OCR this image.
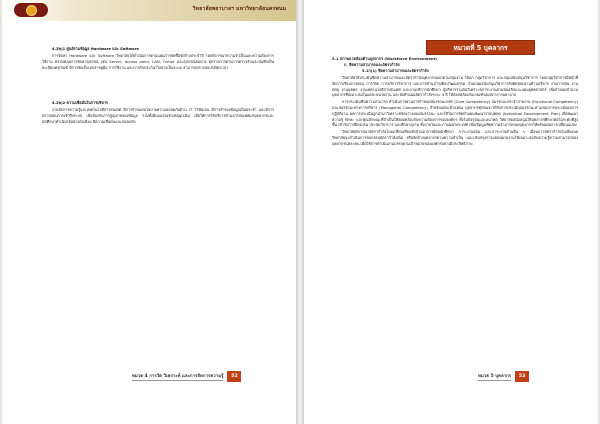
วิทยาลัยพยาบาลฯ มหาวิทยาลัยนครพนม
4.2พ)1 ศูนย์รวมข้อมูล Hardware และ Software

การจัดหา Hardware และ Software วิทยาลัยได้ดำเนินการตามแผนการจัดซื้อจัดจ้างประจำปี โดยพิจารณาความจำเป็นและความต้องการใช้งาน ครอบคลุมการจัดหาอุปกรณ์ เช่น Server, Access point, LAN, Outlet และอุปกรณ์ต่อพ่วง ทุกรายการผ่านการตรวจรับและบันทึกเป็นทะเบียนครุภัณฑ์ มีการจัดเก็บเอกสารคู่มือ การใช้งาน และการรับประกันไว้อย่างเป็นระบบ สามารถตรวจสอบได้ทุกเวลา

4.2พ)2 ความเชื่อมั่นในการบริหาร

งานจัดการความรู้และเทคโนโลยีสารสนเทศ มีการกำหนดนโยบายความปลอดภัยด้าน IT ไว้ชัดเจน มีการสำรองข้อมูลเป็นประจำ และมีการตรวจสอบการเข้าถึงระบบ เพื่อป้องกันการสูญหายของข้อมูล รวมทั้งมีแผนรองรับเหตุฉุกเฉิน เพื่อให้การให้บริการด้านสารสนเทศแก่บุคลากรและนักศึกษาดำเนินได้อย่างต่อเนื่อง มีความเชื่อมั่นและปลอดภัย

หมวด 4 การวัด วิเคราะห์ และการจัดการความรู้	52
หมวดที่ 5 บุคลากร

5.1 สภาพแวดล้อมด้านบุคลากร (Workforce Environment)

ก. ขีดความสามารถและอัตรากำลัง

5.1ก(1) ขีดความสามารถและอัตรากำลัง

วิทยาลัยได้ประเมินขีดความสามารถและอัตรากำลังบุคลากรแยกตามกลุ่มงาน ได้แก่ กลุ่มวิชาการ และกลุ่มสนับสนุนวิชาการ โดยกลุ่มวิชาการมีหน้าที่จัดการเรียนการสอน การวิจัย การบริการวิชาการ และการทำนุบำรุงศิลปวัฒนธรรม ส่วนกลุ่มสนับสนุนวิชาการรับผิดชอบงานด้านบริหาร งานการเงิน งานพัสดุ งานบุคคล งานเทคโนโลยีสารสนเทศ และงานบริการนักศึกษา ผู้บริหารร่วมกันวิเคราะห์ภาระงานตามพันธกิจและแผนยุทธศาสตร์ เพื่อกำหนดจำนวนบุคลากรที่เหมาะสมในแต่ละหน่วยงาน และจัดทำแผนอัตรากำลังระยะ 4 ปี ให้สอดคล้องกับเกณฑ์ของสภาการพยาบาล

การประเมินขีดความสามารถ ดำเนินการผ่านการกำหนดสมรรถนะหลัก (Core Competency) สมรรถนะประจำสายงาน (Functional Competency) และสมรรถนะทางการบริหาร (Managerial Competency) สำหรับแต่ละตำแหน่ง บุคลากรทุกคนจะได้รับการประเมินสมรรถนะตามรอบการประเมินผลการปฏิบัติงาน ผลการประเมินถูกนำมาวิเคราะห์ช่องว่างของสมรรถนะ และใช้ในการจัดทำแผนพัฒนารายบุคคล (Individual Development Plan) เพื่อพัฒนาความรู้ ทักษะ และคุณลักษณะที่จำเป็นให้สอดคล้องกับความต้องการขององค์กร ทั้งในปัจจุบันและอนาคต วิทยาลัยสนับสนุนให้บุคลากรศึกษาต่อในระดับที่สูงขึ้น เข้ารับการฝึกอบรม ประชุมวิชาการ และศึกษาดูงาน ทั้งภายในและภายนอกประเทศ เพื่อเพิ่มพูนขีดความสามารถของบุคลากรให้พร้อมต่อการเปลี่ยนแปลง

วิทยาลัยพิจารณาอัตรากำลังโดยเปรียบเทียบสัดส่วนอาจารย์ต่อนักศึกษา ภาระงานสอน และภาระงานด้านอื่น ๆ เมื่อพบว่าอัตรากำลังไม่เพียงพอ วิทยาลัยจะดำเนินการขอกรอบอัตรากำลังเพิ่ม หรือจัดจ้างบุคลากรตามความจำเป็น และปรับปรุงการมอบหมายงานให้เหมาะสมกับความรู้ความสามารถของบุคลากรแต่ละคน เพื่อให้การดำเนินงานบรรลุตามเป้าหมายขององค์กรอย่างมีประสิทธิภาพ

หมวด 5 บุคลากร	53
